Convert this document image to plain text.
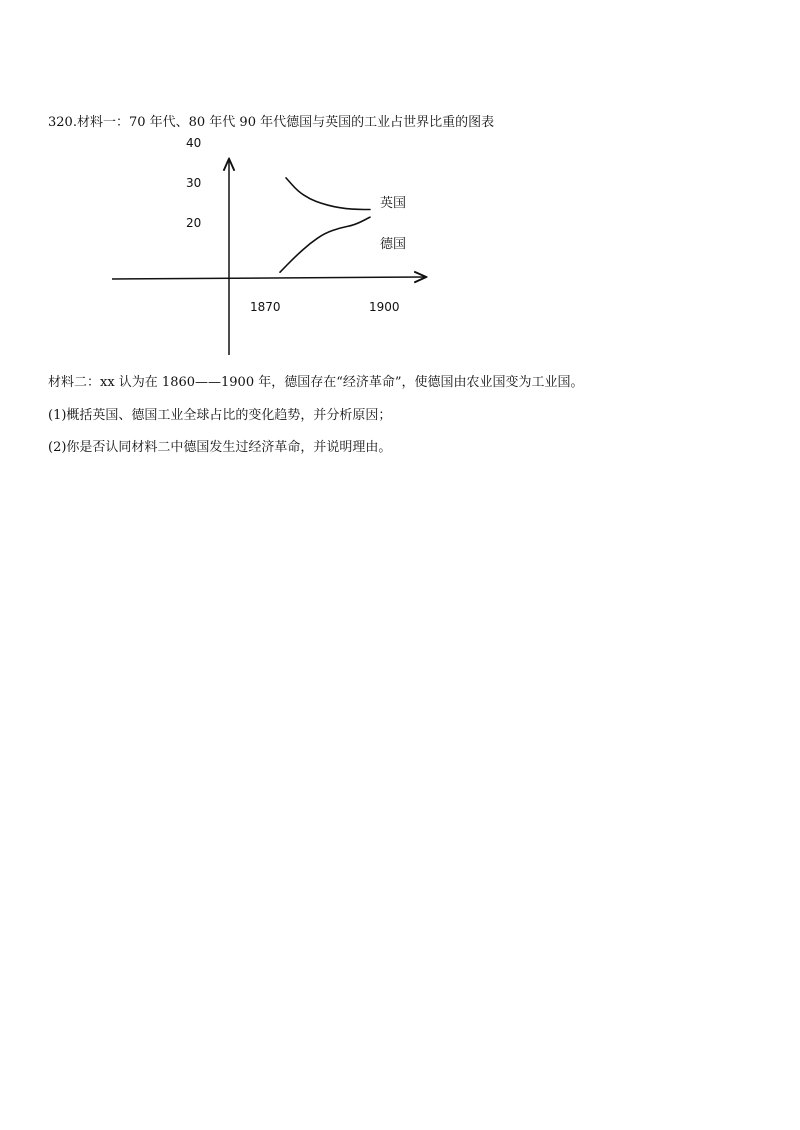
320.材料一：70 年代、80 年代 90 年代德国与英国的工业占世界比重的图表
40
30
20
1870	1900
英国
德国
材料二：xx 认为在 1860——1900 年，德国存在“经济革命”，使德国由农业国变为工业国。
(1)概括英国、德国工业全球占比的变化趋势，并分析原因；
(2)你是否认同材料二中德国发生过经济革命，并说明理由。
